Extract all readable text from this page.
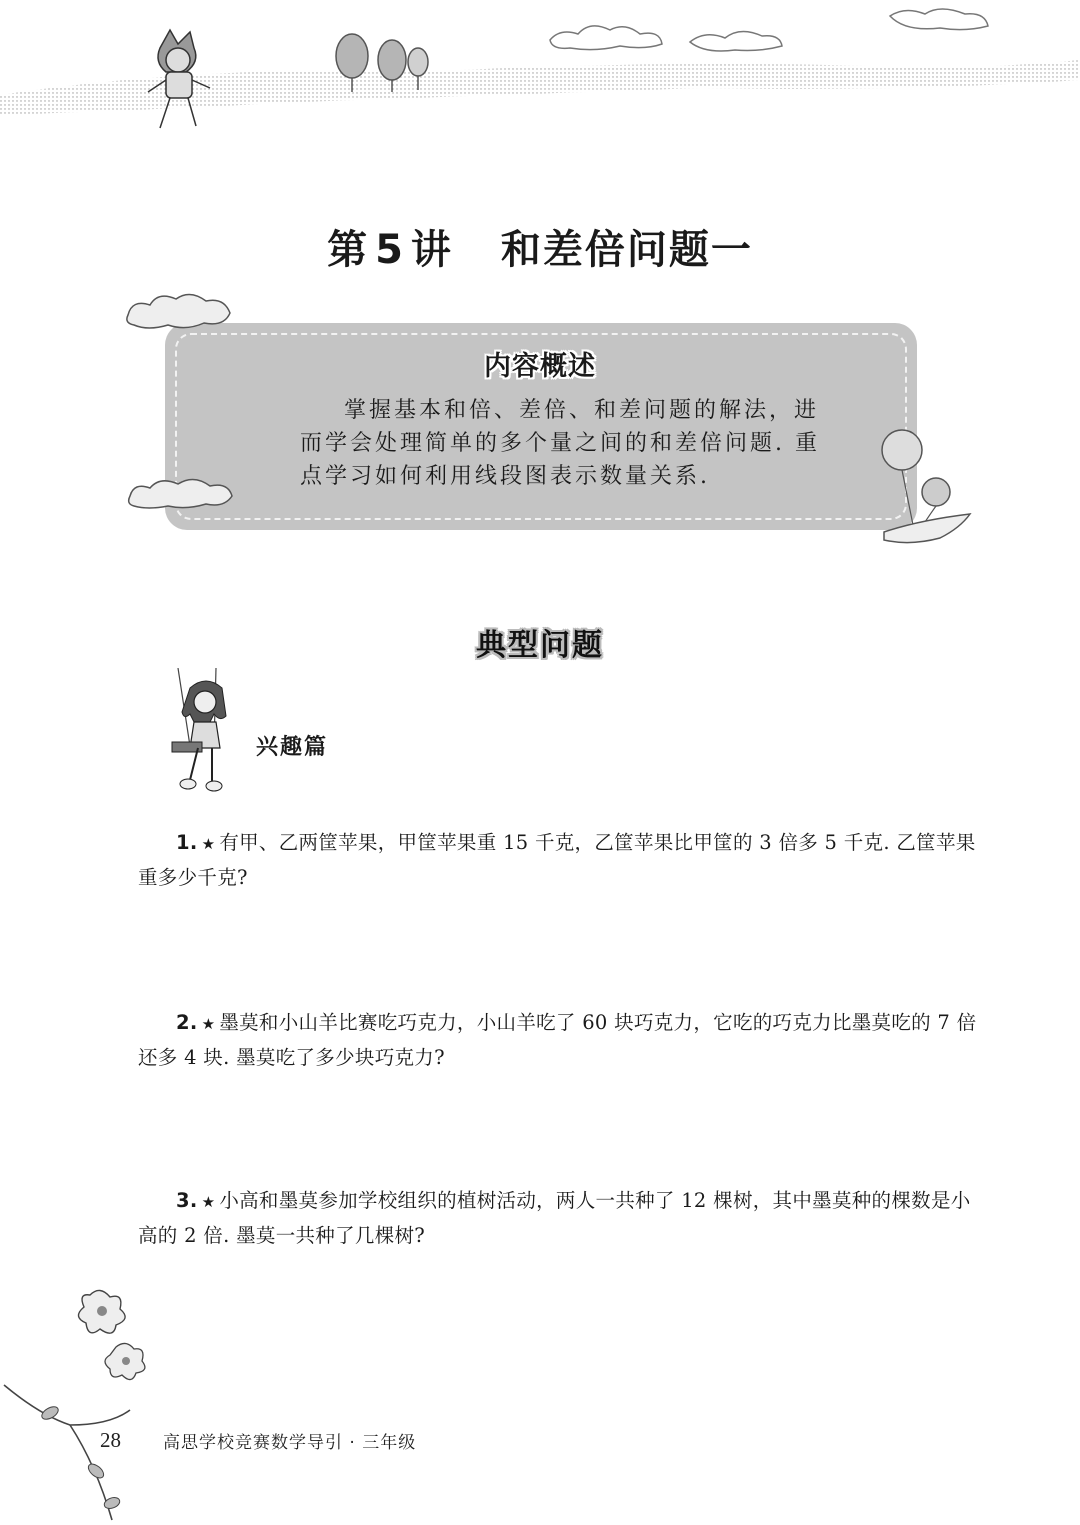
第 5 讲 和差倍问题一
内容概述
掌握基本和倍、差倍、和差问题的解法，进而学会处理简单的多个量之间的和差倍问题. 重点学习如何利用线段图表示数量关系.
典型问题
兴趣篇
1. ★ 有甲、乙两筐苹果，甲筐苹果重 15 千克，乙筐苹果比甲筐的 3 倍多 5 千克. 乙筐苹果重多少千克?
2. ★ 墨莫和小山羊比赛吃巧克力，小山羊吃了 60 块巧克力，它吃的巧克力比墨莫吃的 7 倍还多 4 块. 墨莫吃了多少块巧克力?
3. ★ 小高和墨莫参加学校组织的植树活动，两人一共种了 12 棵树，其中墨莫种的棵数是小高的 2 倍. 墨莫一共种了几棵树?
28 高思学校竞赛数学导引 · 三年级
